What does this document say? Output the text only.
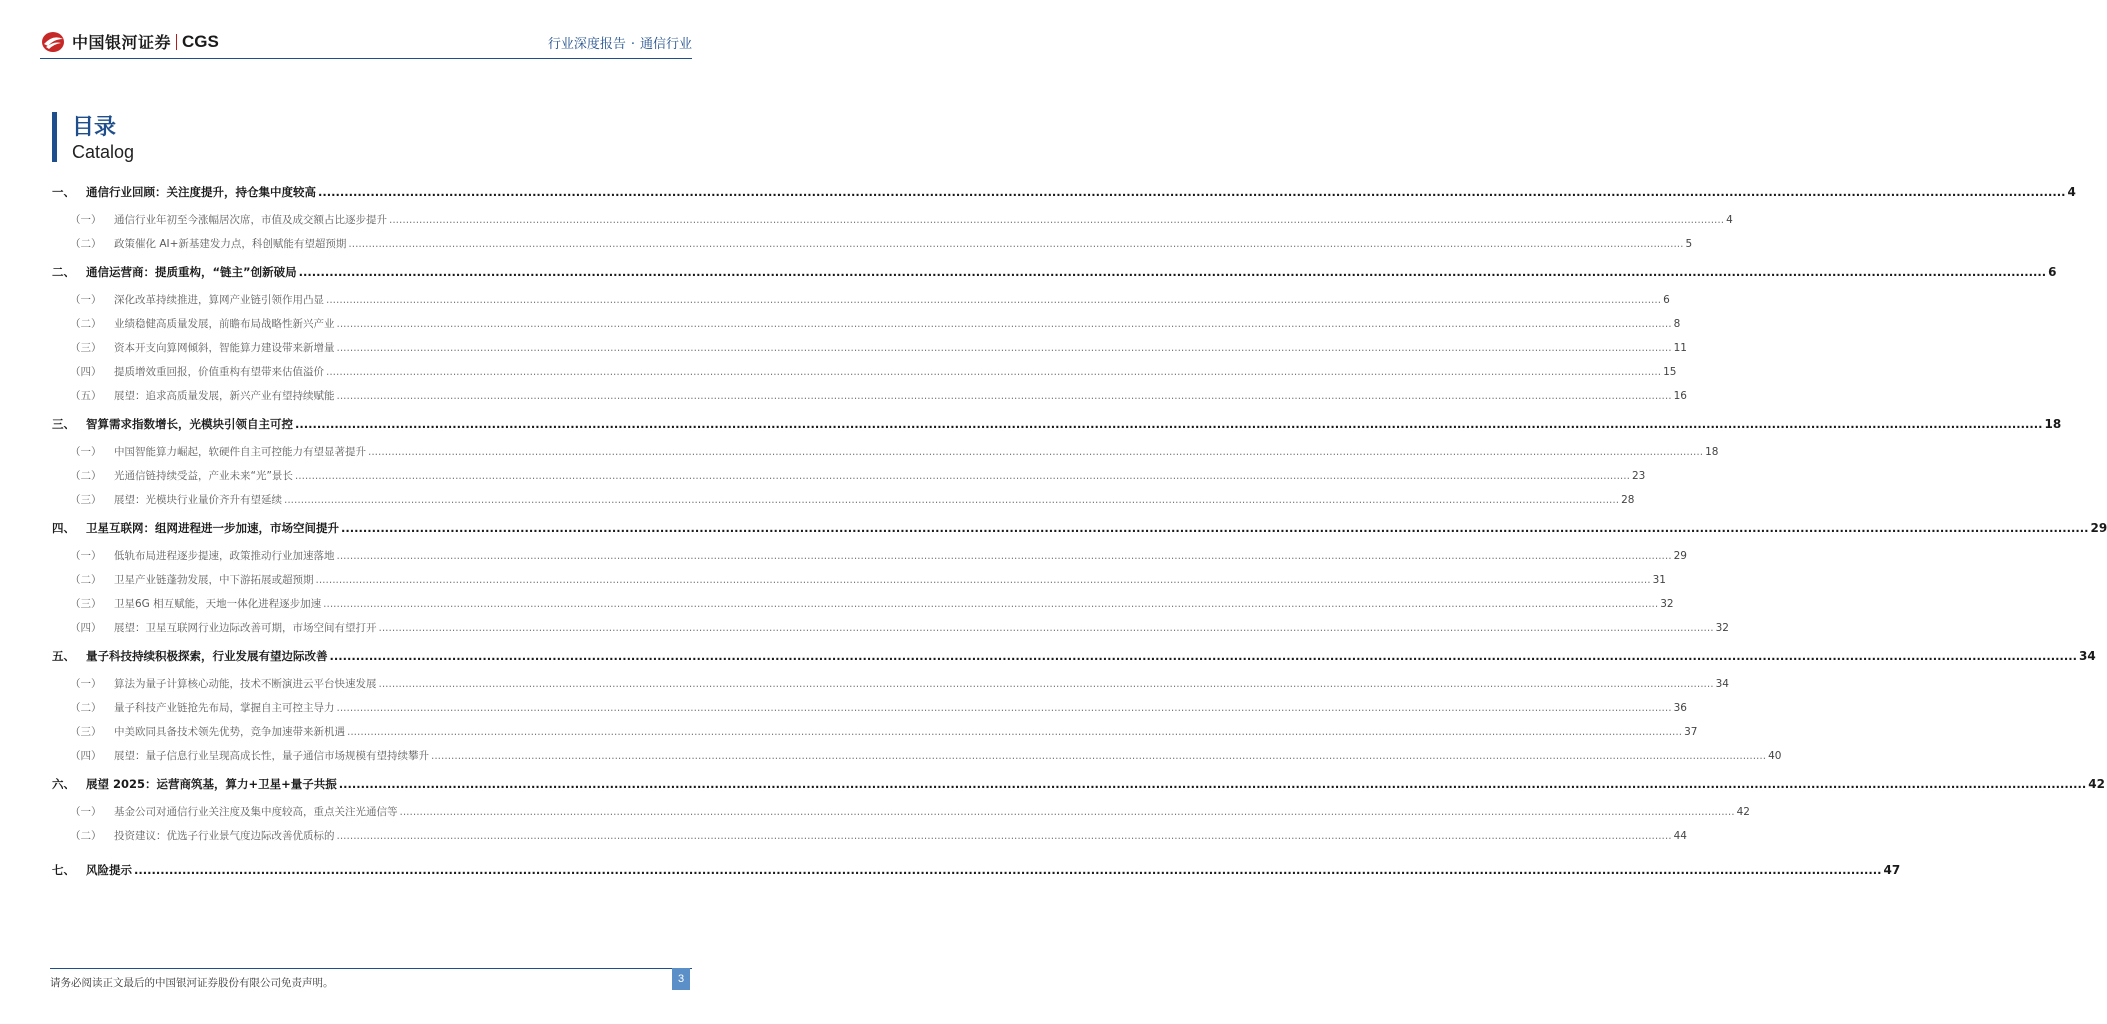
中国银河证券 CGS	行业深度报告 · 通信行业
目录
Catalog
一、 通信行业回顾：关注度提升，持仓集中度较高 ................................................................................................................................................................................................................................................................................................................................................................................................................ 4
（一）	通信行业年初至今涨幅居次席，市值及成交额占比逐步提升 ................................................................................................................................................................................................................................................................................................................................................................................................................ 4
（二）	政策催化 AI+新基建发力点，科创赋能有望超预期 ................................................................................................................................................................................................................................................................................................................................................................................................................ 5
二、 通信运营商：提质重构，“链主”创新破局 ................................................................................................................................................................................................................................................................................................................................................................................................................ 6
（一）	深化改革持续推进，算网产业链引领作用凸显 ................................................................................................................................................................................................................................................................................................................................................................................................................ 6
（二）	业绩稳健高质量发展，前瞻布局战略性新兴产业 ................................................................................................................................................................................................................................................................................................................................................................................................................ 8
（三）	资本开支向算网倾斜，智能算力建设带来新增量 ................................................................................................................................................................................................................................................................................................................................................................................................................ 11
（四）	提质增效重回报，价值重构有望带来估值溢价 ................................................................................................................................................................................................................................................................................................................................................................................................................ 15
（五）	展望：追求高质量发展，新兴产业有望持续赋能 ................................................................................................................................................................................................................................................................................................................................................................................................................ 16
三、 智算需求指数增长，光模块引领自主可控 ................................................................................................................................................................................................................................................................................................................................................................................................................ 18
（一）	中国智能算力崛起，软硬件自主可控能力有望显著提升 ................................................................................................................................................................................................................................................................................................................................................................................................................ 18
（二）	光通信链持续受益，产业未来“光”景长 ................................................................................................................................................................................................................................................................................................................................................................................................................ 23
（三）	展望：光模块行业量价齐升有望延续 ................................................................................................................................................................................................................................................................................................................................................................................................................ 28
四、 卫星互联网：组网进程进一步加速，市场空间提升 ................................................................................................................................................................................................................................................................................................................................................................................................................ 29
（一）	低轨布局进程逐步提速，政策推动行业加速落地 ................................................................................................................................................................................................................................................................................................................................................................................................................ 29
（二）	卫星产业链蓬勃发展，中下游拓展或超预期 ................................................................................................................................................................................................................................................................................................................................................................................................................ 31
（三）	卫星6G 相互赋能，天地一体化进程逐步加速 ................................................................................................................................................................................................................................................................................................................................................................................................................ 32
（四）	展望：卫星互联网行业边际改善可期，市场空间有望打开 ................................................................................................................................................................................................................................................................................................................................................................................................................ 32
五、 量子科技持续积极探索，行业发展有望边际改善 ................................................................................................................................................................................................................................................................................................................................................................................................................ 34
（一）	算法为量子计算核心动能，技术不断演进云平台快速发展 ................................................................................................................................................................................................................................................................................................................................................................................................................ 34
（二）	量子科技产业链抢先布局，掌握自主可控主导力 ................................................................................................................................................................................................................................................................................................................................................................................................................ 36
（三）	中美欧同具备技术领先优势，竞争加速带来新机遇 ................................................................................................................................................................................................................................................................................................................................................................................................................ 37
（四）	展望：量子信息行业呈现高成长性，量子通信市场规模有望持续攀升 ................................................................................................................................................................................................................................................................................................................................................................................................................ 40
六、 展望 2025：运营商筑基，算力+卫星+量子共振 ................................................................................................................................................................................................................................................................................................................................................................................................................ 42
（一）	基金公司对通信行业关注度及集中度较高，重点关注光通信等 ................................................................................................................................................................................................................................................................................................................................................................................................................ 42
（二）	投资建议：优选子行业景气度边际改善优质标的 ................................................................................................................................................................................................................................................................................................................................................................................................................ 44
七、 风险提示 ................................................................................................................................................................................................................................................................................................................................................................................................................ 47
请务必阅读正文最后的中国银河证券股份有限公司免责声明。	3
